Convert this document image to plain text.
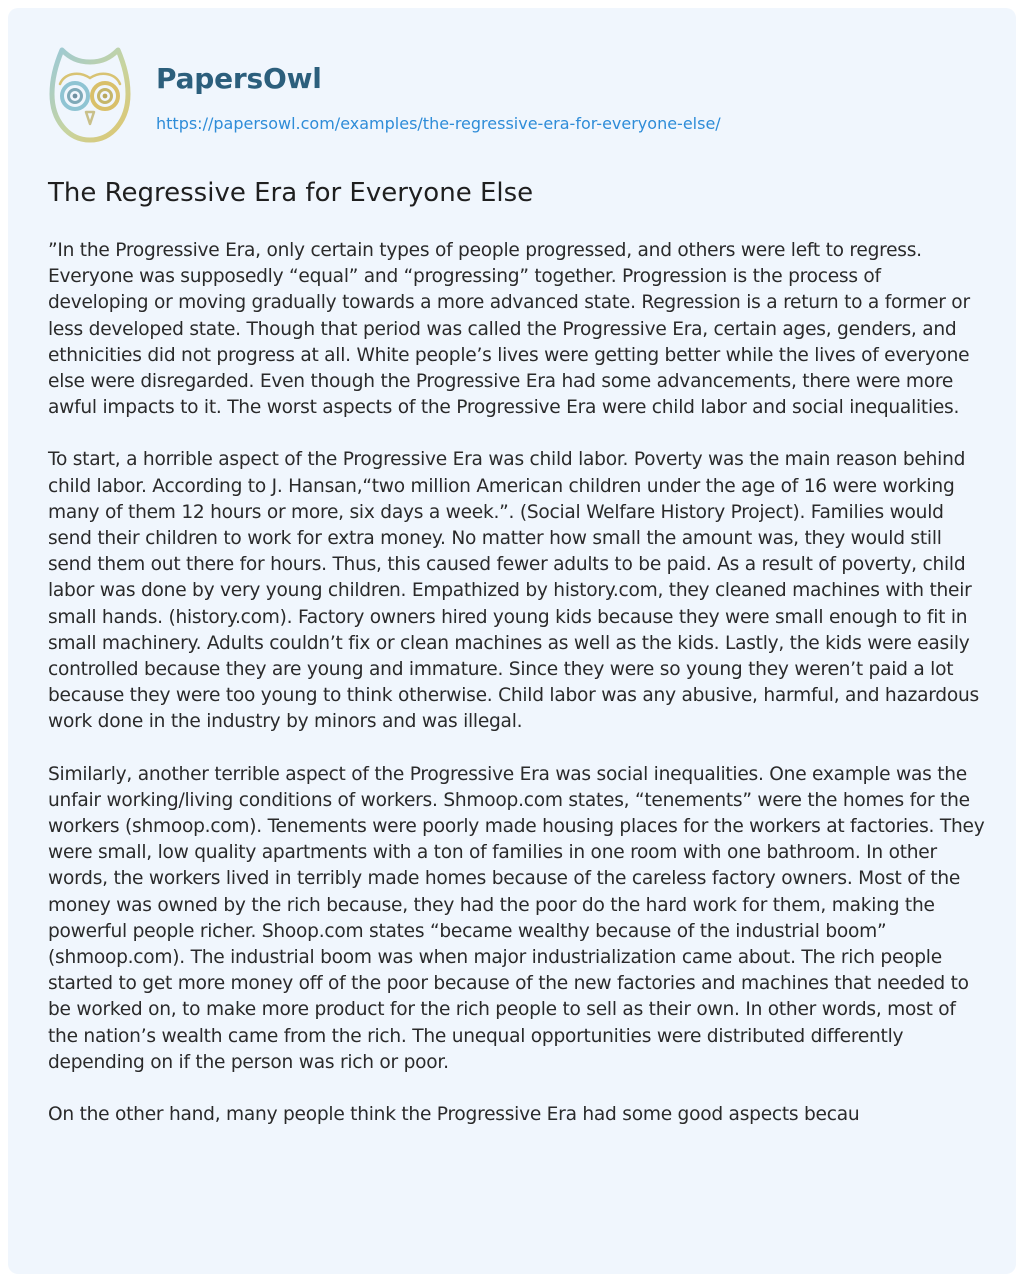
PapersOwl
https://papersowl.com/examples/the-regressive-era-for-everyone-else/
The Regressive Era for Everyone Else

”In the Progressive Era, only certain types of people progressed, and others were left to regress. Everyone was supposedly “equal” and “progressing” together. Progression is the process of developing or moving gradually towards a more advanced state. Regression is a return to a former or less developed state. Though that period was called the Progressive Era, certain ages, genders, and ethnicities did not progress at all. White people’s lives were getting better while the lives of everyone else were disregarded. Even though the Progressive Era had some advancements, there were more awful impacts to it. The worst aspects of the Progressive Era were child labor and social inequalities.

To start, a horrible aspect of the Progressive Era was child labor. Poverty was the main reason behind child labor. According to J. Hansan,“two million American children under the age of 16 were working many of them 12 hours or more, six days a week.”. (Social Welfare History Project). Families would send their children to work for extra money. No matter how small the amount was, they would still send them out there for hours. Thus, this caused fewer adults to be paid. As a result of poverty, child labor was done by very young children. Empathized by history.com, they cleaned machines with their small hands. (history.com). Factory owners hired young kids because they were small enough to fit in small machinery. Adults couldn’t fix or clean machines as well as the kids. Lastly, the kids were easily controlled because they are young and immature. Since they were so young they weren’t paid a lot because they were too young to think otherwise. Child labor was any abusive, harmful, and hazardous work done in the industry by minors and was illegal.

Similarly, another terrible aspect of the Progressive Era was social inequalities. One example was the unfair working/living conditions of workers. Shmoop.com states, “tenements” were the homes for the workers (shmoop.com). Tenements were poorly made housing places for the workers at factories. They were small, low quality apartments with a ton of families in one room with one bathroom. In other words, the workers lived in terribly made homes because of the careless factory owners. Most of the money was owned by the rich because, they had the poor do the hard work for them, making the powerful people richer. Shoop.com states “became wealthy because of the industrial boom” (shmoop.com). The industrial boom was when major industrialization came about. The rich people started to get more money off of the poor because of the new factories and machines that needed to be worked on, to make more product for the rich people to sell as their own. In other words, most of the nation’s wealth came from the rich. The unequal opportunities were distributed differently depending on if the person was rich or poor.

On the other hand, many people think the Progressive Era had some good aspects becau
